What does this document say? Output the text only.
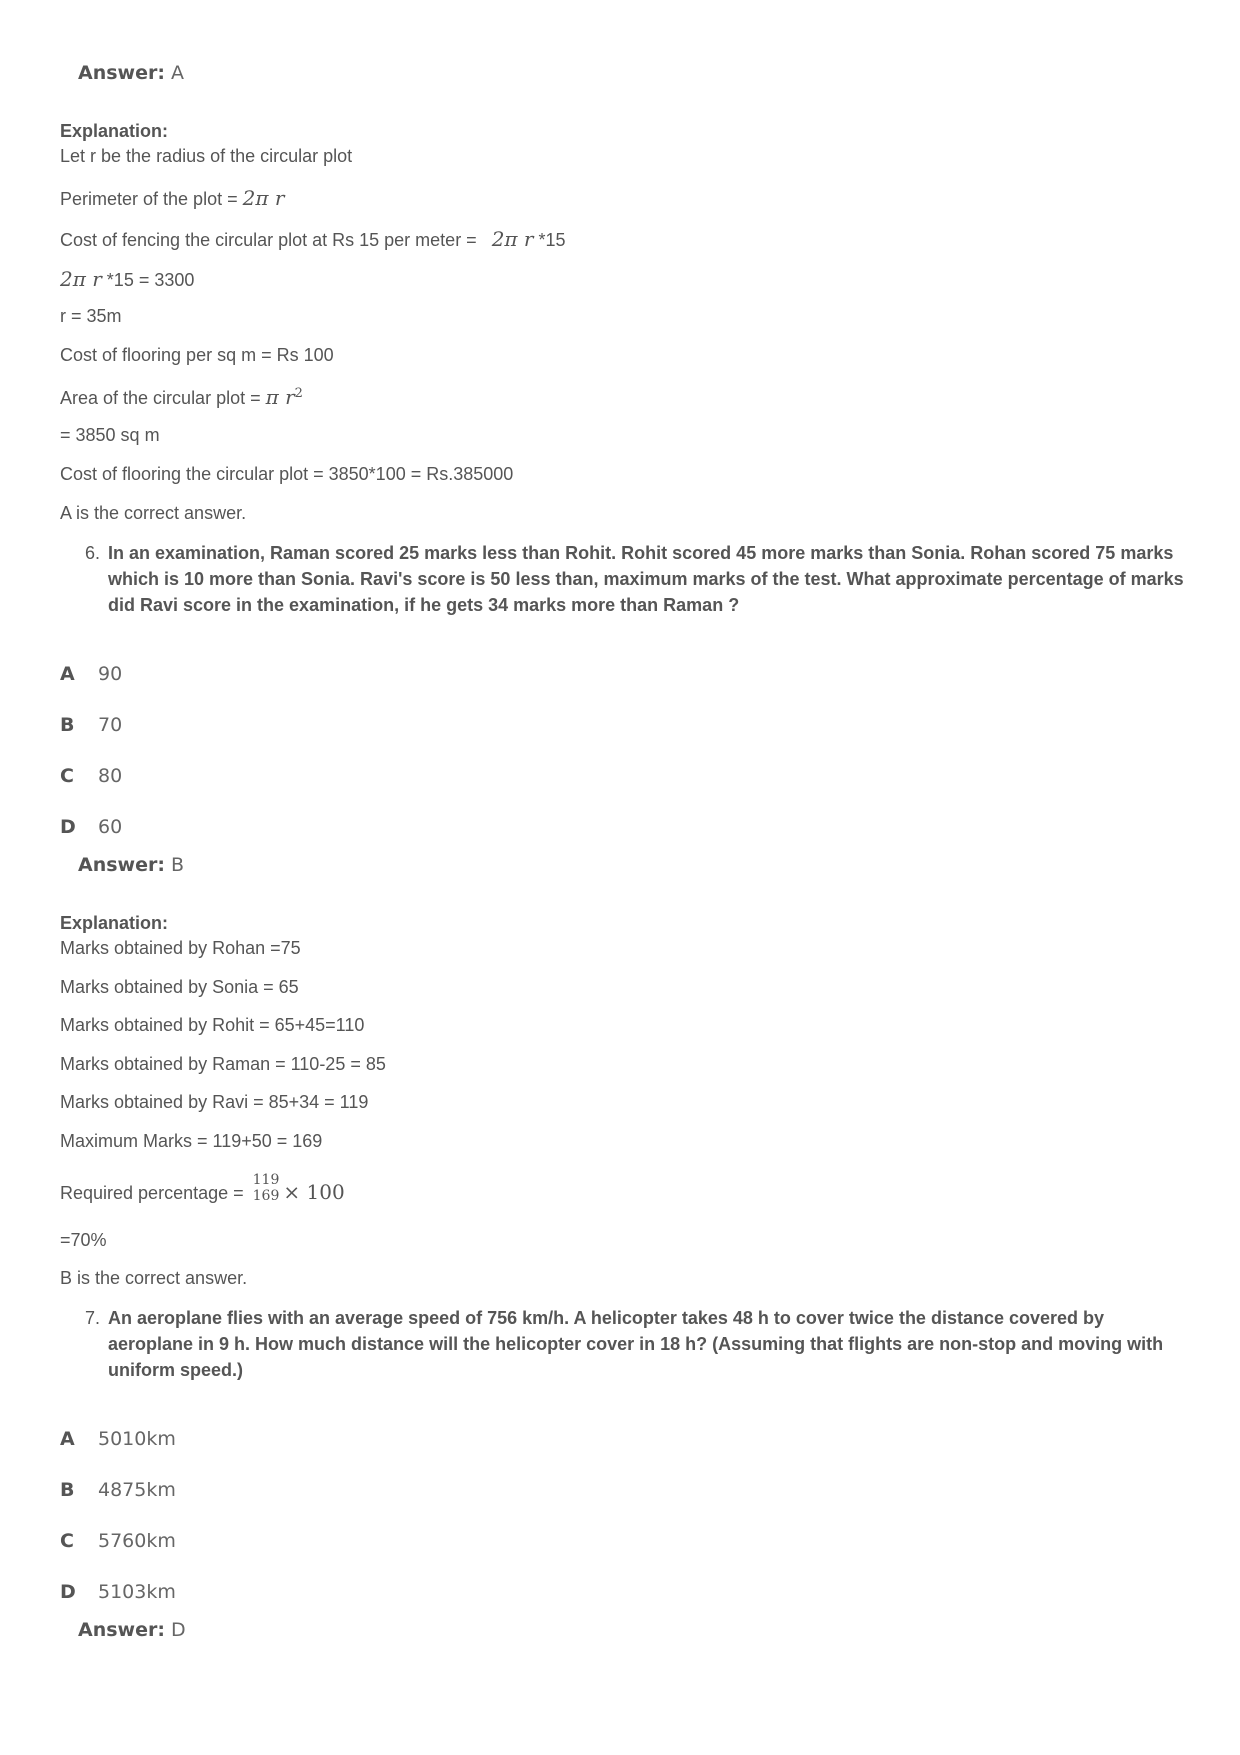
Answer: A
Explanation:
Let r be the radius of the circular plot
Perimeter of the plot = 2π r
Cost of fencing the circular plot at Rs 15 per meter = 2π r *15
2π r *15 = 3300
r = 35m
Cost of flooring per sq m = Rs 100
Area of the circular plot = π $r^2$
= 3850 sq m
Cost of flooring the circular plot = 3850*100 = Rs.385000
A is the correct answer.
6. In an examination, Raman scored 25 marks less than Rohit. Rohit scored 45 more marks than Sonia. Rohan scored 75 marks which is 10 more than Sonia. Ravi's score is 50 less than, maximum marks of the test. What approximate percentage of marks did Ravi score in the examination, if he gets 34 marks more than Raman ?
A 90
B 70
C 80
D 60
Answer: B
Explanation:
Marks obtained by Rohan =75
Marks obtained by Sonia = 65
Marks obtained by Rohit = 65+45=110
Marks obtained by Raman = 110-25 = 85
Marks obtained by Ravi = 85+34 = 119
Maximum Marks = 119+50 = 169
Required percentage =
119
169 × 100
=70%
B is the correct answer.
7. An aeroplane flies with an average speed of 756 km/h. A helicopter takes 48 h to cover twice the distance covered by aeroplane in 9 h. How much distance will the helicopter cover in 18 h? (Assuming that flights are non-stop and moving with uniform speed.)
A 5010km
B 4875km
C 5760km
D 5103km
Answer: D
